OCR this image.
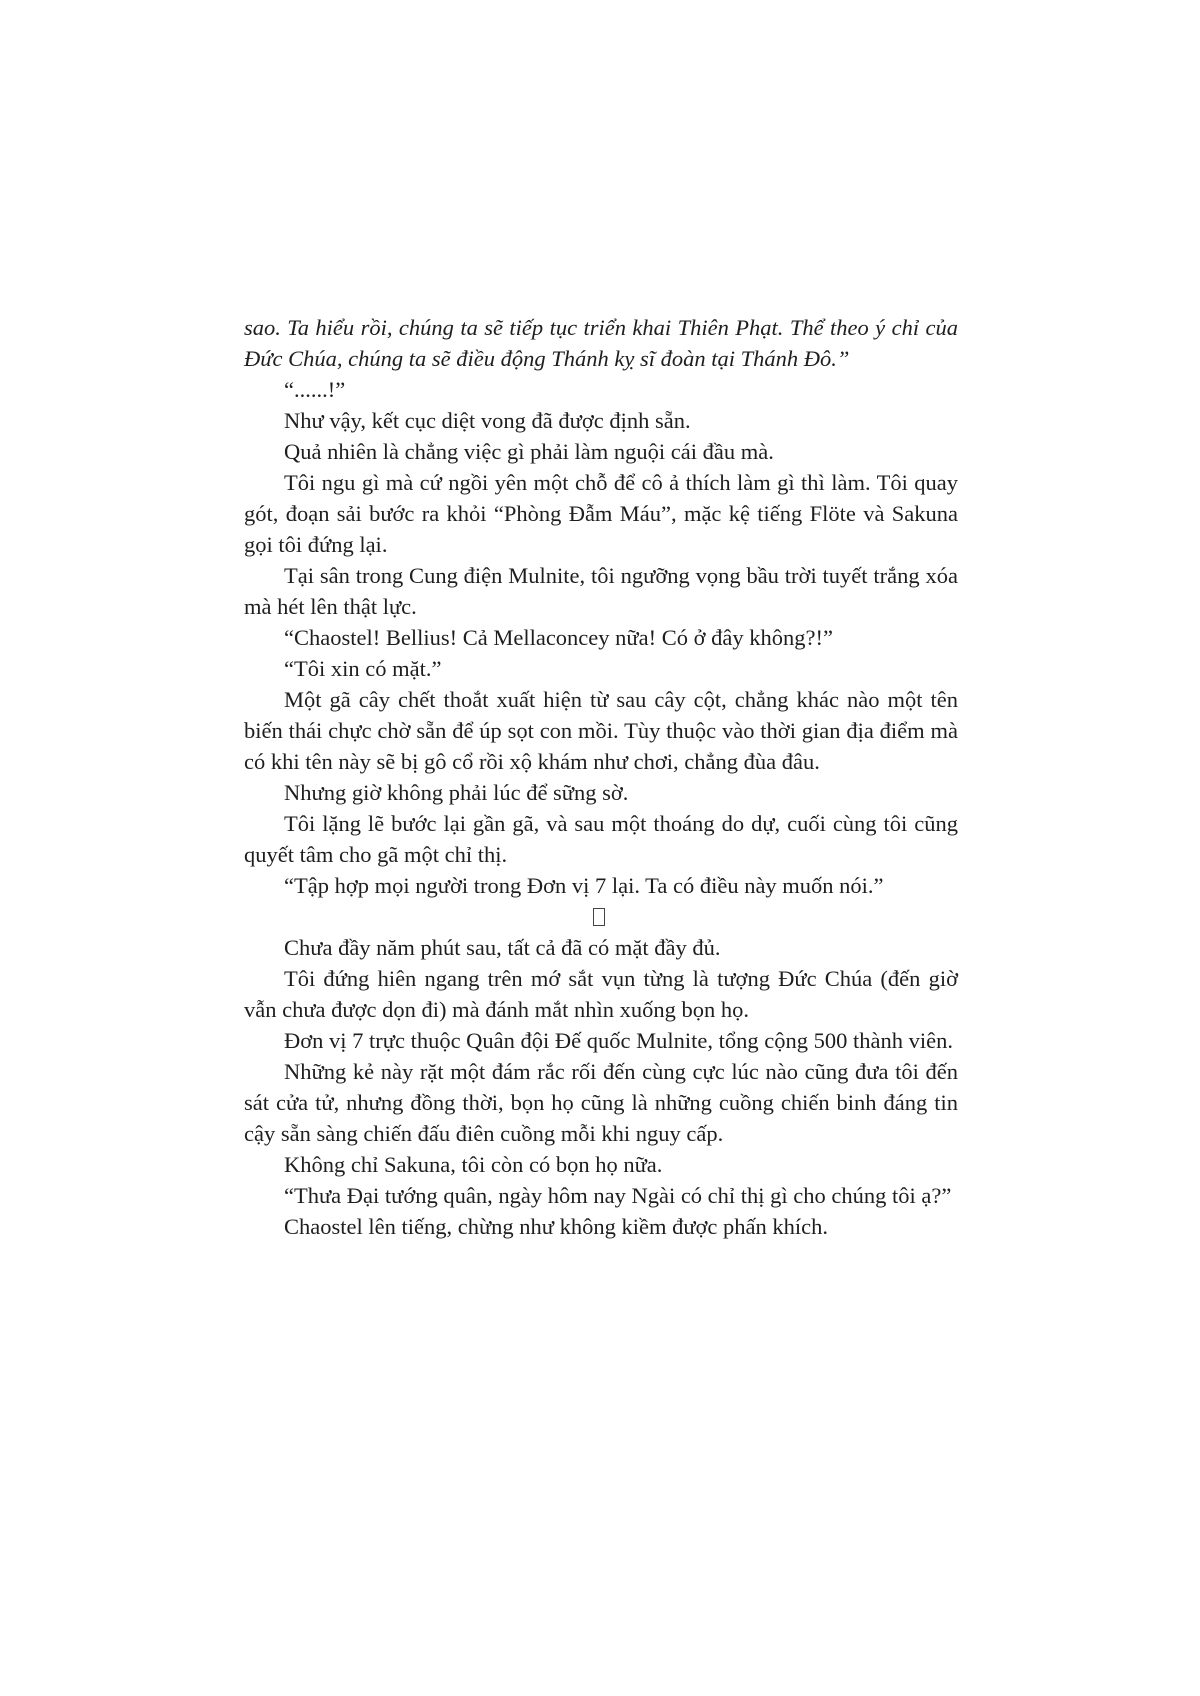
sao. Ta hiểu rồi, chúng ta sẽ tiếp tục triển khai Thiên Phạt. Thể theo ý chỉ của Đức Chúa, chúng ta sẽ điều động Thánh kỵ sĩ đoàn tại Thánh Đô.”

“......!”

Như vậy, kết cục diệt vong đã được định sẵn.

Quả nhiên là chẳng việc gì phải làm nguội cái đầu mà.

Tôi ngu gì mà cứ ngồi yên một chỗ để cô ả thích làm gì thì làm. Tôi quay gót, đoạn sải bước ra khỏi “Phòng Đẫm Máu”, mặc kệ tiếng Flöte và Sakuna gọi tôi đứng lại.

Tại sân trong Cung điện Mulnite, tôi ngưỡng vọng bầu trời tuyết trắng xóa mà hét lên thật lực.

“Chaostel! Bellius! Cả Mellaconcey nữa! Có ở đây không?!”

“Tôi xin có mặt.”

Một gã cây chết thoắt xuất hiện từ sau cây cột, chẳng khác nào một tên biến thái chực chờ sẵn để úp sọt con mồi. Tùy thuộc vào thời gian địa điểm mà có khi tên này sẽ bị gô cổ rồi xộ khám như chơi, chẳng đùa đâu.

Nhưng giờ không phải lúc để sững sờ.

Tôi lặng lẽ bước lại gần gã, và sau một thoáng do dự, cuối cùng tôi cũng quyết tâm cho gã một chỉ thị.

“Tập hợp mọi người trong Đơn vị 7 lại. Ta có điều này muốn nói.”

Chưa đầy năm phút sau, tất cả đã có mặt đầy đủ.

Tôi đứng hiên ngang trên mớ sắt vụn từng là tượng Đức Chúa (đến giờ vẫn chưa được dọn đi) mà đánh mắt nhìn xuống bọn họ.

Đơn vị 7 trực thuộc Quân đội Đế quốc Mulnite, tổng cộng 500 thành viên.

Những kẻ này rặt một đám rắc rối đến cùng cực lúc nào cũng đưa tôi đến sát cửa tử, nhưng đồng thời, bọn họ cũng là những cuồng chiến binh đáng tin cậy sẵn sàng chiến đấu điên cuồng mỗi khi nguy cấp.

Không chỉ Sakuna, tôi còn có bọn họ nữa.

“Thưa Đại tướng quân, ngày hôm nay Ngài có chỉ thị gì cho chúng tôi ạ?”

Chaostel lên tiếng, chừng như không kiềm được phấn khích.
